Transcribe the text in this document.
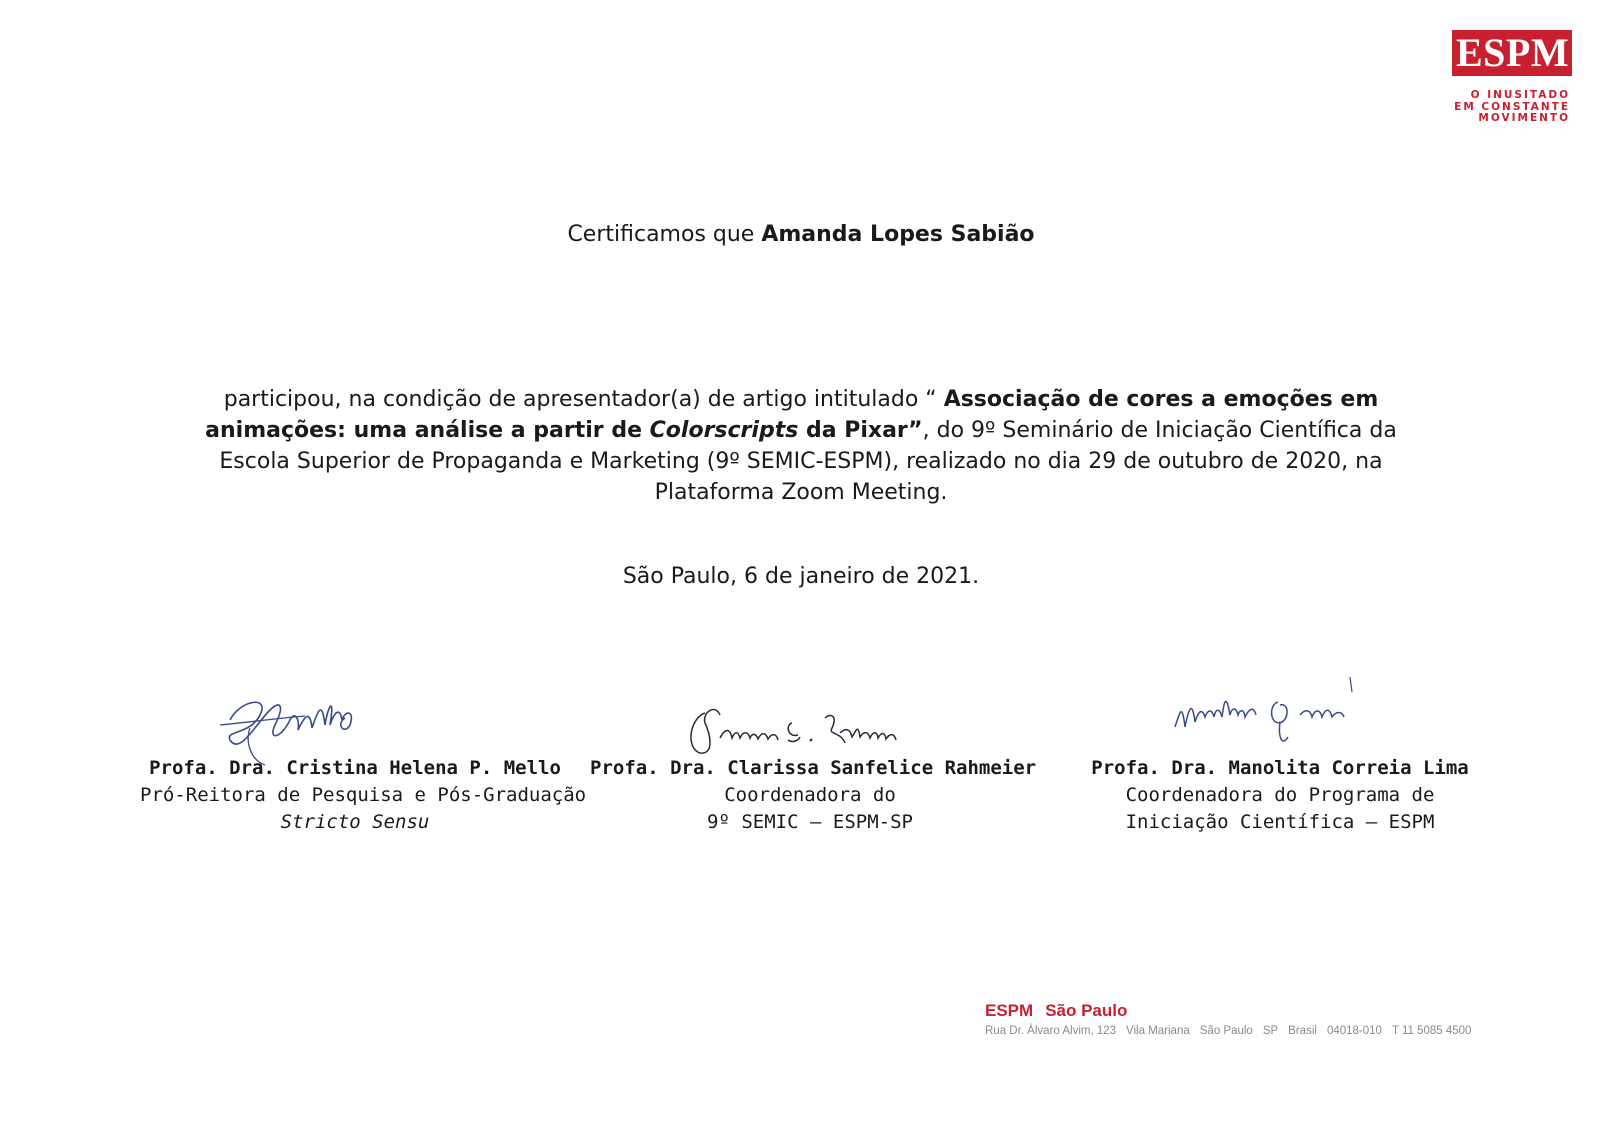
ESPM
O INUSITADO
EM CONSTANTE
MOVIMENTO
Certificamos que Amanda Lopes Sabião
participou, na condição de apresentador(a) de artigo intitulado “ Associação de cores a emoções em animações: uma análise a partir de Colorscripts da Pixar”, do 9º Seminário de Iniciação Científica da Escola Superior de Propaganda e Marketing (9º SEMIC-ESPM), realizado no dia 29 de outubro de 2020, na Plataforma Zoom Meeting.
São Paulo, 6 de janeiro de 2021.
Profa. Dra. Cristina Helena P. Mello
Pró-Reitora de Pesquisa e Pós-Graduação
Stricto Sensu
Profa. Dra. Clarissa Sanfelice Rahmeier
Coordenadora do
9º SEMIC – ESPM-SP
Profa. Dra. Manolita Correia Lima
Coordenadora do Programa de
Iniciação Científica – ESPM
ESPM São Paulo
Rua Dr. Álvaro Alvim, 123 Vila Mariana São Paulo SP Brasil 04018-010 T 11 5085 4500
